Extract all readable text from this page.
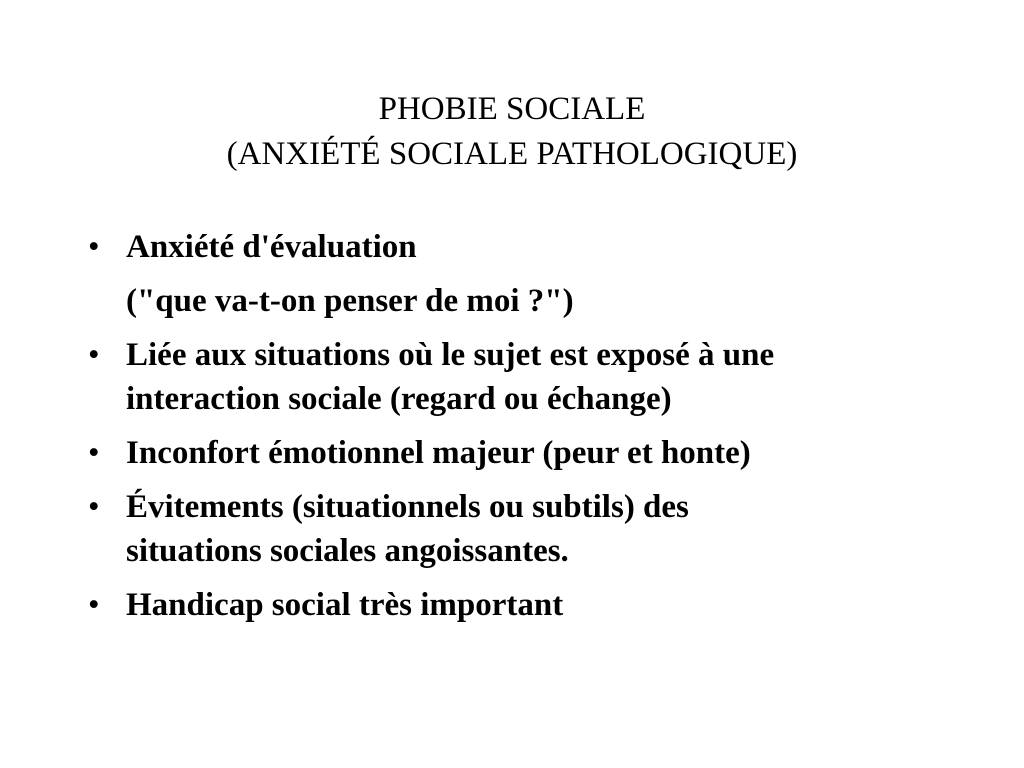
PHOBIE SOCIALE
(ANXIÉTÉ SOCIALE PATHOLOGIQUE)
• Anxiété d'évaluation
("que va-t-on penser de moi ?")
• Liée aux situations où le sujet est exposé à une
interaction sociale (regard ou échange)
• Inconfort émotionnel majeur (peur et honte)
• Évitements (situationnels ou subtils) des
situations sociales angoissantes.
• Handicap social très important
